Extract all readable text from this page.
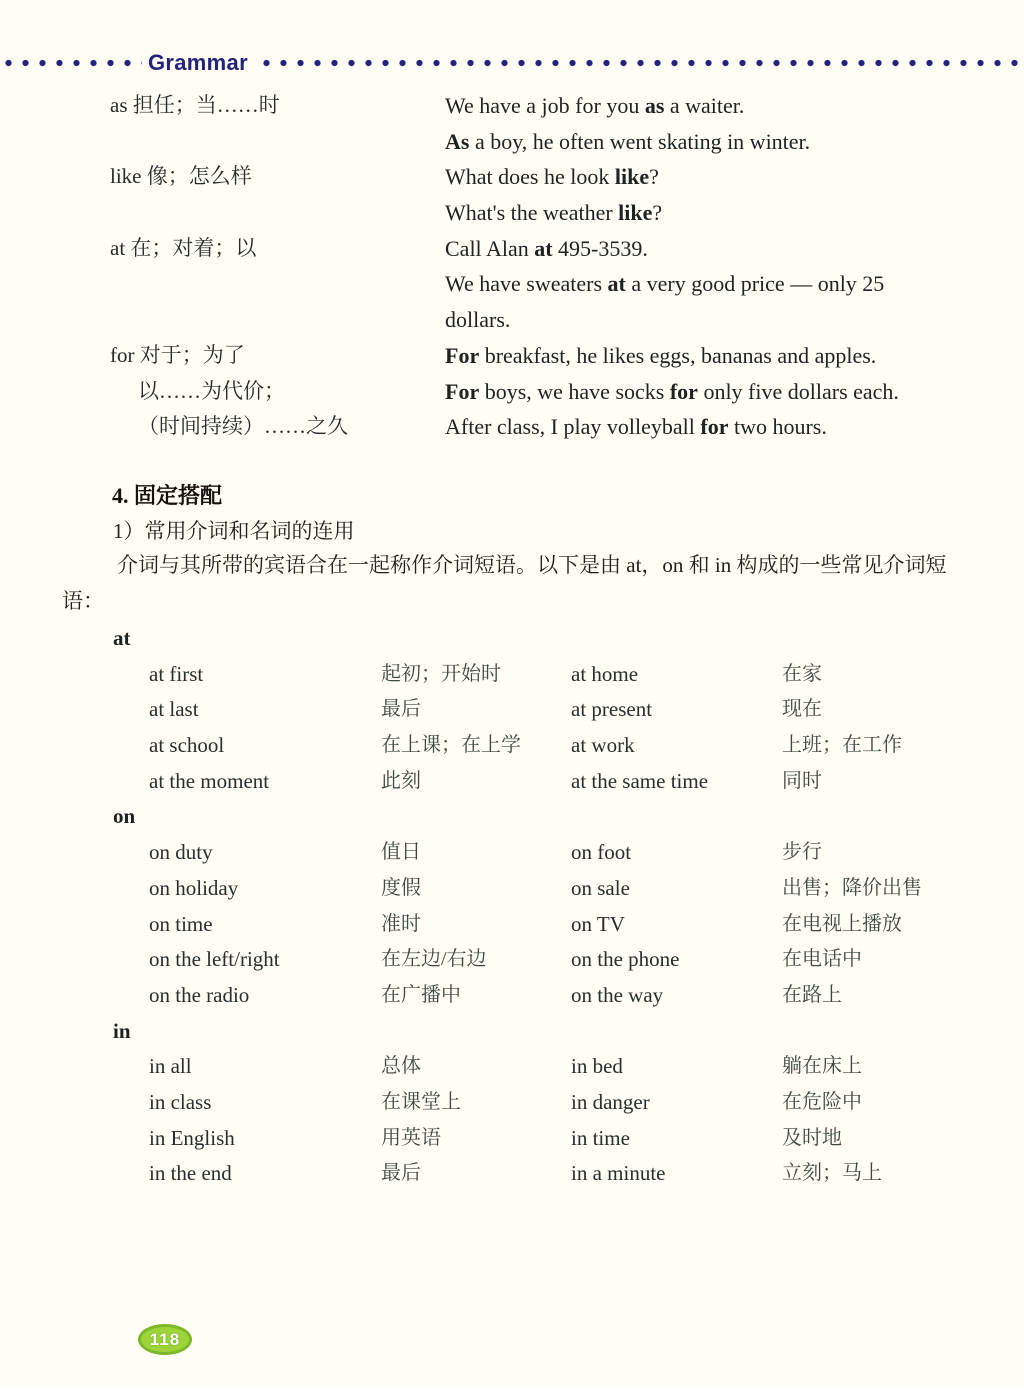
Grammar
as 担任；当……时	We have a job for you as a waiter.
As a boy, he often went skating in winter.
like 像；怎么样	What does he look like?
What's the weather like?
at 在；对着；以	Call Alan at 495-3539.
We have sweaters at a very good price — only 25
dollars.
for 对于；为了	For breakfast, he likes eggs, bananas and apples.
以……为代价；	For boys, we have socks for only five dollars each.
（时间持续）……之久	After class, I play volleyball for two hours.
4. 固定搭配
1）常用介词和名词的连用
介词与其所带的宾语合在一起称作介词短语。以下是由 at，on 和 in 构成的一些常见介词短语：
at
at first	起初；开始时	at home	在家
at last	最后	at present	现在
at school	在上课；在上学	at work	上班；在工作
at the moment	此刻	at the same time	同时
on
on duty	值日	on foot	步行
on holiday	度假	on sale	出售；降价出售
on time	准时	on TV	在电视上播放
on the left/right	在左边/右边	on the phone	在电话中
on the radio	在广播中	on the way	在路上
in
in all	总体	in bed	躺在床上
in class	在课堂上	in danger	在危险中
in English	用英语	in time	及时地
in the end	最后	in a minute	立刻；马上
118
